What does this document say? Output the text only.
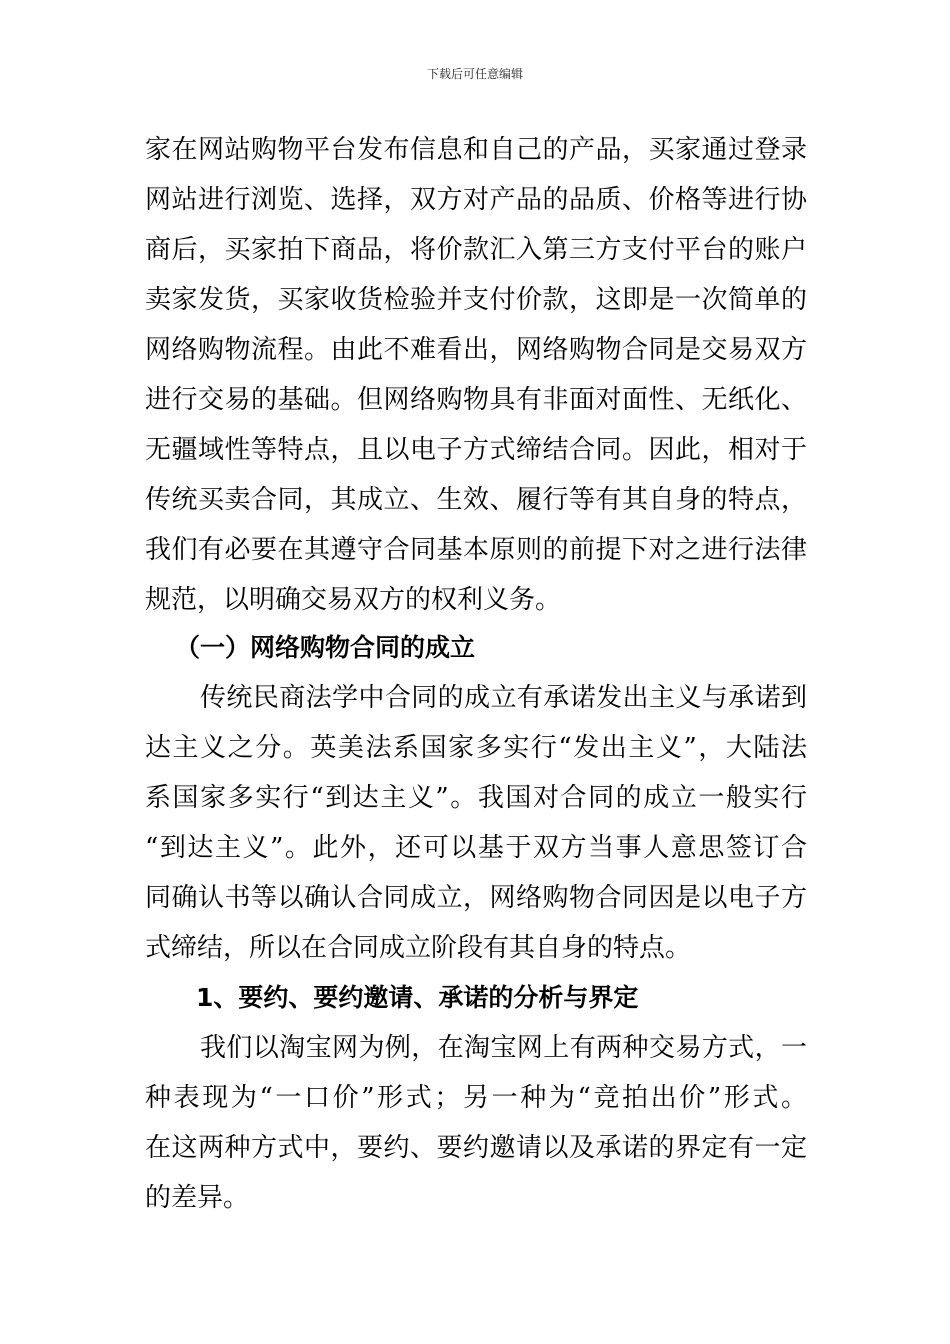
下载后可任意编辑
家在网站购物平台发布信息和自己的产品，买家通过登录
网站进行浏览、选择，双方对产品的品质、价格等进行协
商后，买家拍下商品，将价款汇入第三方支付平台的账户
卖家发货，买家收货检验并支付价款，这即是一次简单的
网络购物流程。由此不难看出，网络购物合同是交易双方
进行交易的基础。但网络购物具有非面对面性、无纸化、
无疆域性等特点，且以电子方式缔结合同。因此，相对于
传统买卖合同，其成立、生效、履行等有其自身的特点，
我们有必要在其遵守合同基本原则的前提下对之进行法律
规范，以明确交易双方的权利义务。
（一）网络购物合同的成立
传统民商法学中合同的成立有承诺发出主义与承诺到
达主义之分。英美法系国家多实行“发出主义”，大陆法
系国家多实行“到达主义”。我国对合同的成立一般实行
“到达主义”。此外，还可以基于双方当事人意思签订合
同确认书等以确认合同成立，网络购物合同因是以电子方
式缔结，所以在合同成立阶段有其自身的特点。
1、要约、要约邀请、承诺的分析与界定
我们以淘宝网为例，在淘宝网上有两种交易方式，一
种表现为“一口价”形式；另一种为“竞拍出价”形式。
在这两种方式中，要约、要约邀请以及承诺的界定有一定
的差异。
